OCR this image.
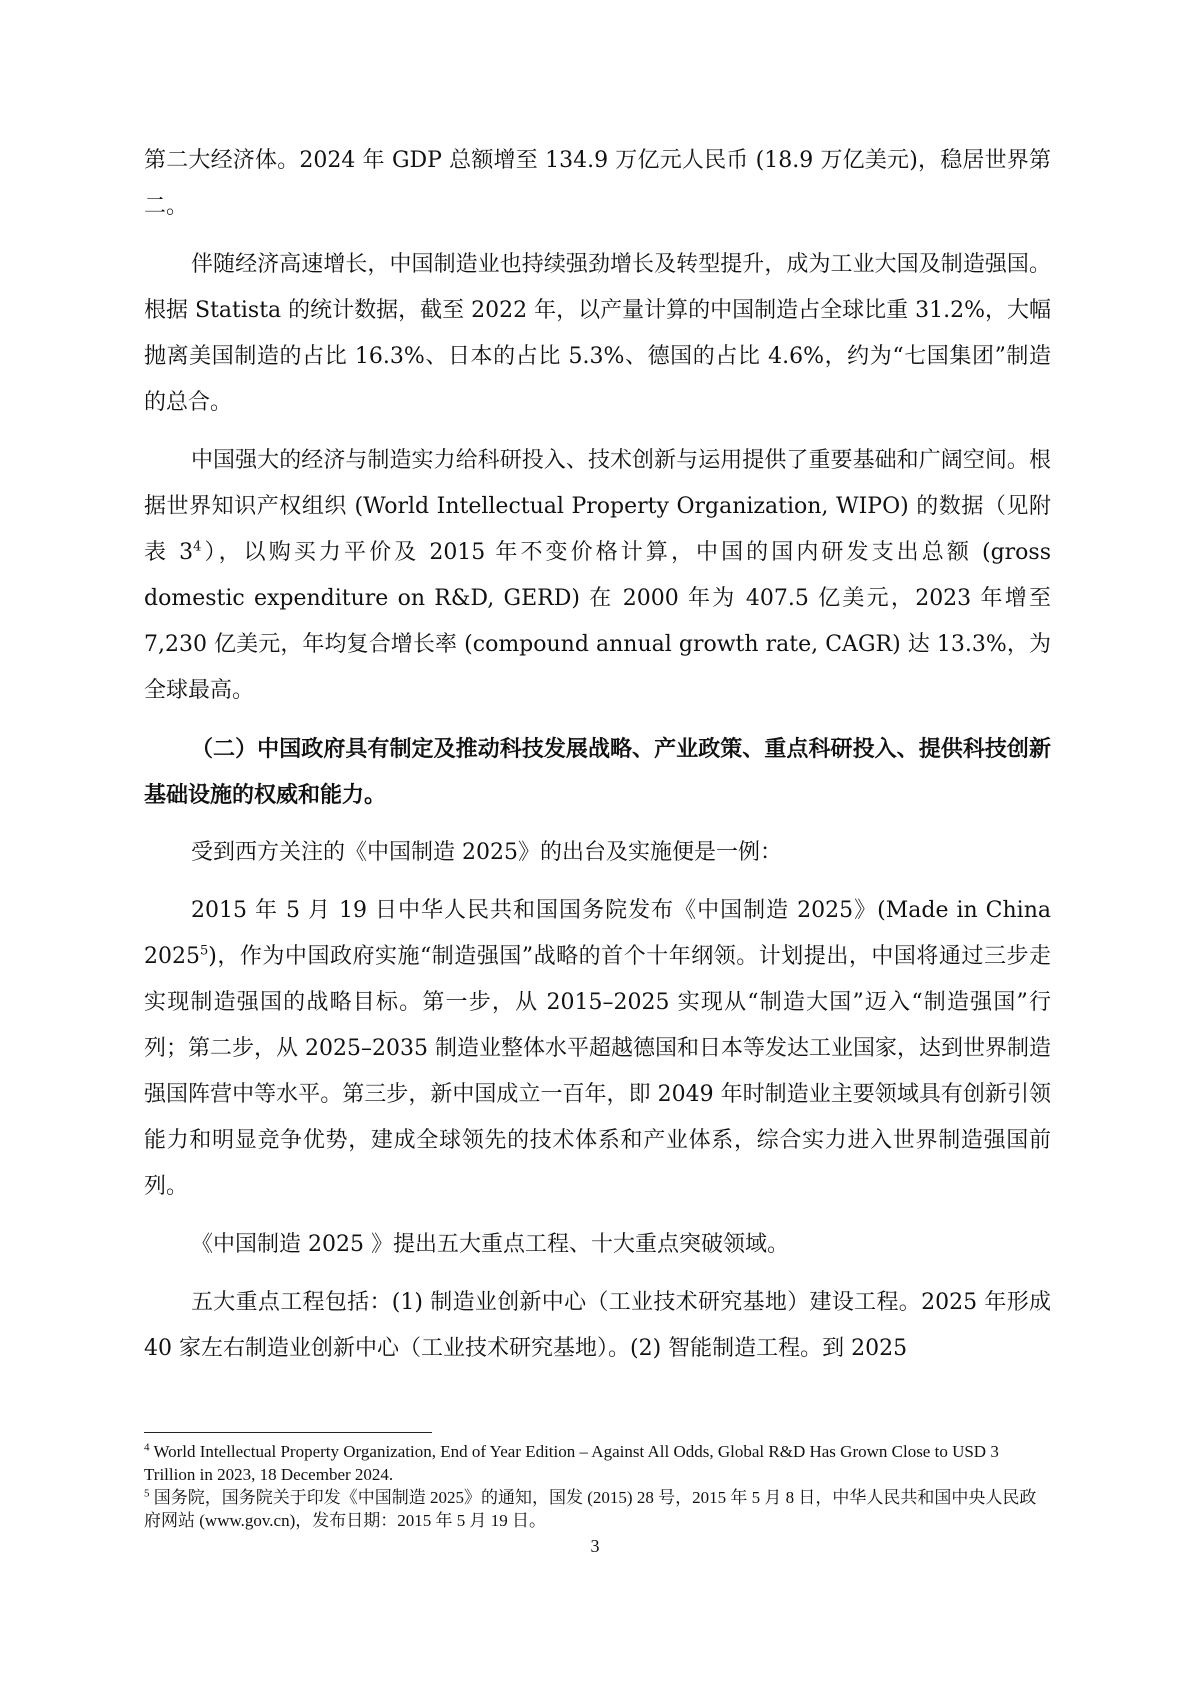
第二大经济体。2024 年 GDP 总额增至 134.9 万亿元人民币 (18.9 万亿美元)，稳居世界第二。

伴随经济高速增长，中国制造业也持续强劲增长及转型提升，成为工业大国及制造强国。根据 Statista 的统计数据，截至 2022 年，以产量计算的中国制造占全球比重 31.2%，大幅抛离美国制造的占比 16.3%、日本的占比 5.3%、德国的占比 4.6%，约为“七国集团”制造的总合。

中国强大的经济与制造实力给科研投入、技术创新与运用提供了重要基础和广阔空间。根据世界知识产权组织 (World Intellectual Property Organization, WIPO) 的数据（见附表 $3^4$），以购买力平价及 2015 年不变价格计算，中国的国内研发支出总额 (gross domestic expenditure on R&D, GERD) 在 2000 年为 407.5 亿美元，2023 年增至 7,230 亿美元，年均复合增长率 (compound annual growth rate, CAGR) 达 13.3%，为全球最高。

（二）中国政府具有制定及推动科技发展战略、产业政策、重点科研投入、提供科技创新基础设施的权威和能力。

受到西方关注的《中国制造 2025》的出台及实施便是一例：

2015 年 5 月 19 日中华人民共和国国务院发布《中国制造 2025》(Made in China 2025$^5$)，作为中国政府实施“制造强国”战略的首个十年纲领。计划提出，中国将通过三步走实现制造强国的战略目标。第一步，从 2015–2025 实现从“制造大国”迈入“制造强国”行列；第二步，从 2025–2035 制造业整体水平超越德国和日本等发达工业国家，达到世界制造强国阵营中等水平。第三步，新中国成立一百年，即 2049 年时制造业主要领域具有创新引领能力和明显竞争优势，建成全球领先的技术体系和产业体系，综合实力进入世界制造强国前列。

《中国制造 2025 》提出五大重点工程、十大重点突破领域。

五大重点工程包括：(1) 制造业创新中心（工业技术研究基地）建设工程。2025 年形成 40 家左右制造业创新中心（工业技术研究基地）。(2) 智能制造工程。到 2025

$^4$ World Intellectual Property Organization, End of Year Edition – Against All Odds, Global R&D Has Grown Close to USD 3 Trillion in 2023, 18 December 2024.

$^5$ 国务院，国务院关于印发《中国制造 2025》的通知，国发 (2015) 28 号，2015 年 5 月 8 日，中华人民共和国中央人民政府网站 (www.gov.cn)，发布日期：2015 年 5 月 19 日。

3
